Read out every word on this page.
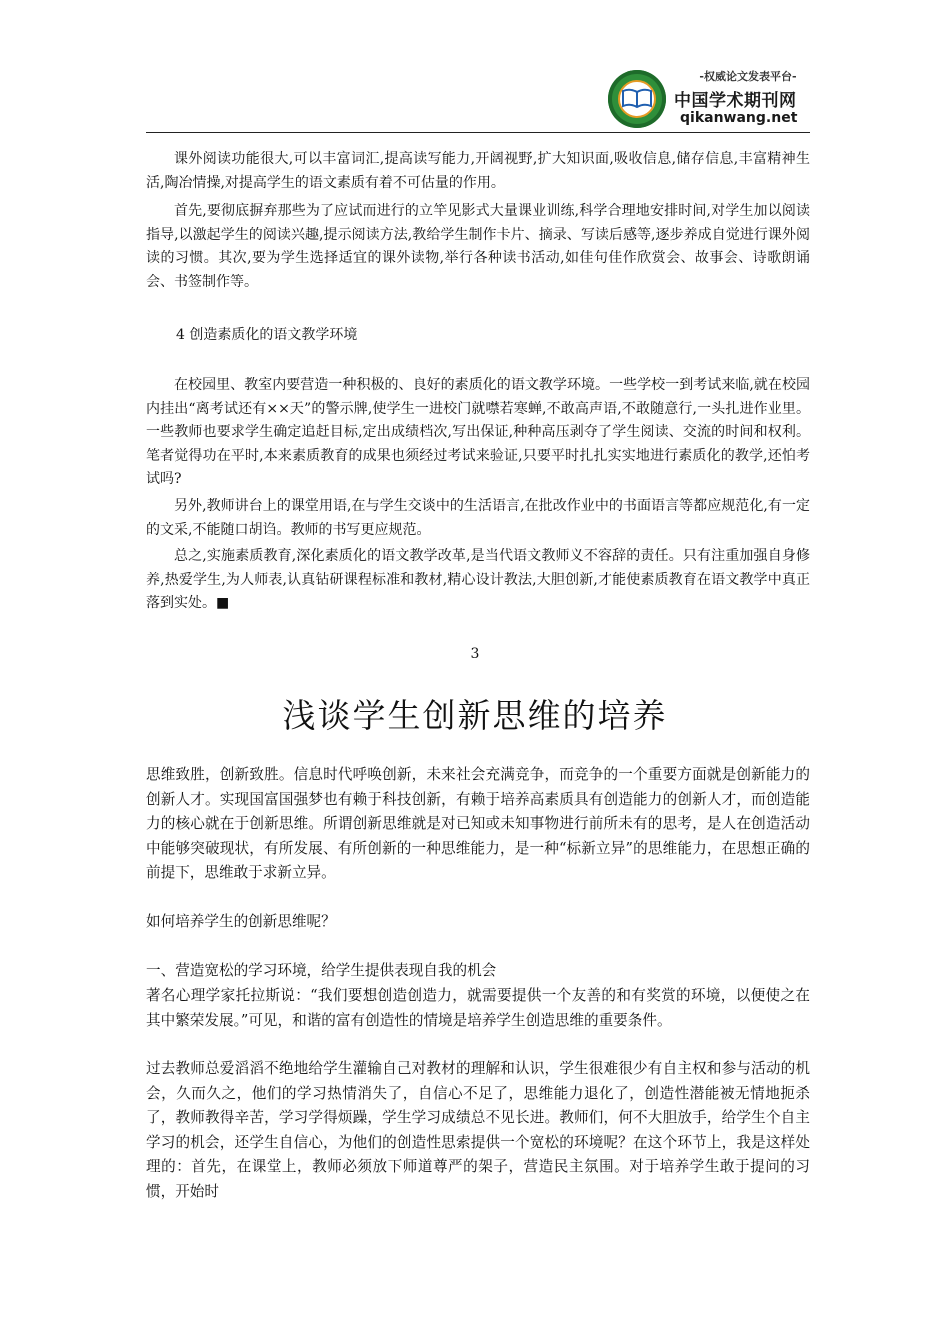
-权威论文发表平台-
中国学术期刊网
qikanwang.net

课外阅读功能很大,可以丰富词汇,提高读写能力,开阔视野,扩大知识面,吸收信息,储存信息,丰富精神生活,陶冶情操,对提高学生的语文素质有着不可估量的作用。

首先,要彻底摒弃那些为了应试而进行的立竿见影式大量课业训练,科学合理地安排时间,对学生加以阅读指导,以激起学生的阅读兴趣,提示阅读方法,教给学生制作卡片、摘录、写读后感等,逐步养成自觉进行课外阅读的习惯。其次,要为学生选择适宜的课外读物,举行各种读书活动,如佳句佳作欣赏会、故事会、诗歌朗诵会、书签制作等。

4 创造素质化的语文教学环境

在校园里、教室内要营造一种积极的、良好的素质化的语文教学环境。一些学校一到考试来临,就在校园内挂出“离考试还有××天”的警示牌,使学生一进校门就噤若寒蝉,不敢高声语,不敢随意行,一头扎进作业里。一些教师也要求学生确定追赶目标,定出成绩档次,写出保证,种种高压剥夺了学生阅读、交流的时间和权利。笔者觉得功在平时,本来素质教育的成果也须经过考试来验证,只要平时扎扎实实地进行素质化的教学,还怕考试吗?

另外,教师讲台上的课堂用语,在与学生交谈中的生活语言,在批改作业中的书面语言等都应规范化,有一定的文采,不能随口胡诌。教师的书写更应规范。

总之,实施素质教育,深化素质化的语文教学改革,是当代语文教师义不容辞的责任。只有注重加强自身修养,热爱学生,为人师表,认真钻研课程标准和教材,精心设计教法,大胆创新,才能使素质教育在语文教学中真正落到实处。■

3
浅谈学生创新思维的培养

思维致胜，创新致胜。信息时代呼唤创新，未来社会充满竞争，而竞争的一个重要方面就是创新能力的创新人才。实现国富国强梦也有赖于科技创新，有赖于培养高素质具有创造能力的创新人才，而创造能力的核心就在于创新思维。所谓创新思维就是对已知或未知事物进行前所未有的思考，是人在创造活动中能够突破现状，有所发展、有所创新的一种思维能力，是一种“标新立异”的思维能力，在思想正确的前提下，思维敢于求新立异。

如何培养学生的创新思维呢？

一、营造宽松的学习环境，给学生提供表现自我的机会

著名心理学家托拉斯说：“我们要想创造创造力，就需要提供一个友善的和有奖赏的环境，以便使之在其中繁荣发展。”可见，和谐的富有创造性的情境是培养学生创造思维的重要条件。

过去教师总爱滔滔不绝地给学生灌输自己对教材的理解和认识，学生很难很少有自主权和参与活动的机会，久而久之，他们的学习热情消失了，自信心不足了，思维能力退化了，创造性潜能被无情地扼杀了，教师教得辛苦，学习学得烦躁，学生学习成绩总不见长进。教师们，何不大胆放手，给学生个自主学习的机会，还学生自信心，为他们的创造性思索提供一个宽松的环境呢？在这个环节上，我是这样处理的：首先，在课堂上，教师必须放下师道尊严的架子，营造民主氛围。对于培养学生敢于提问的习惯，开始时
